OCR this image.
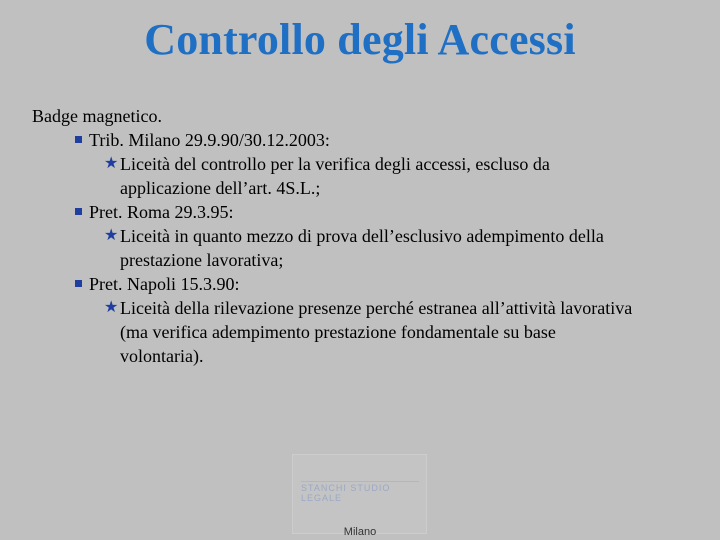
Controllo degli Accessi

Badge magnetico.

Trib. Milano 29.9.90/30.12.2003:

★ Liceità del controllo per la verifica degli accessi, escluso da
applicazione dell’art. 4S.L.;

Pret. Roma 29.3.95:

★ Liceità in quanto mezzo di prova dell’esclusivo adempimento della
prestazione lavorativa;

Pret. Napoli 15.3.90:

★ Liceità della rilevazione presenze perché estranea all’attività lavorativa
(ma verifica adempimento prestazione fondamentale su base
volontaria).

STANCHI STUDIO LEGALE
Milano
